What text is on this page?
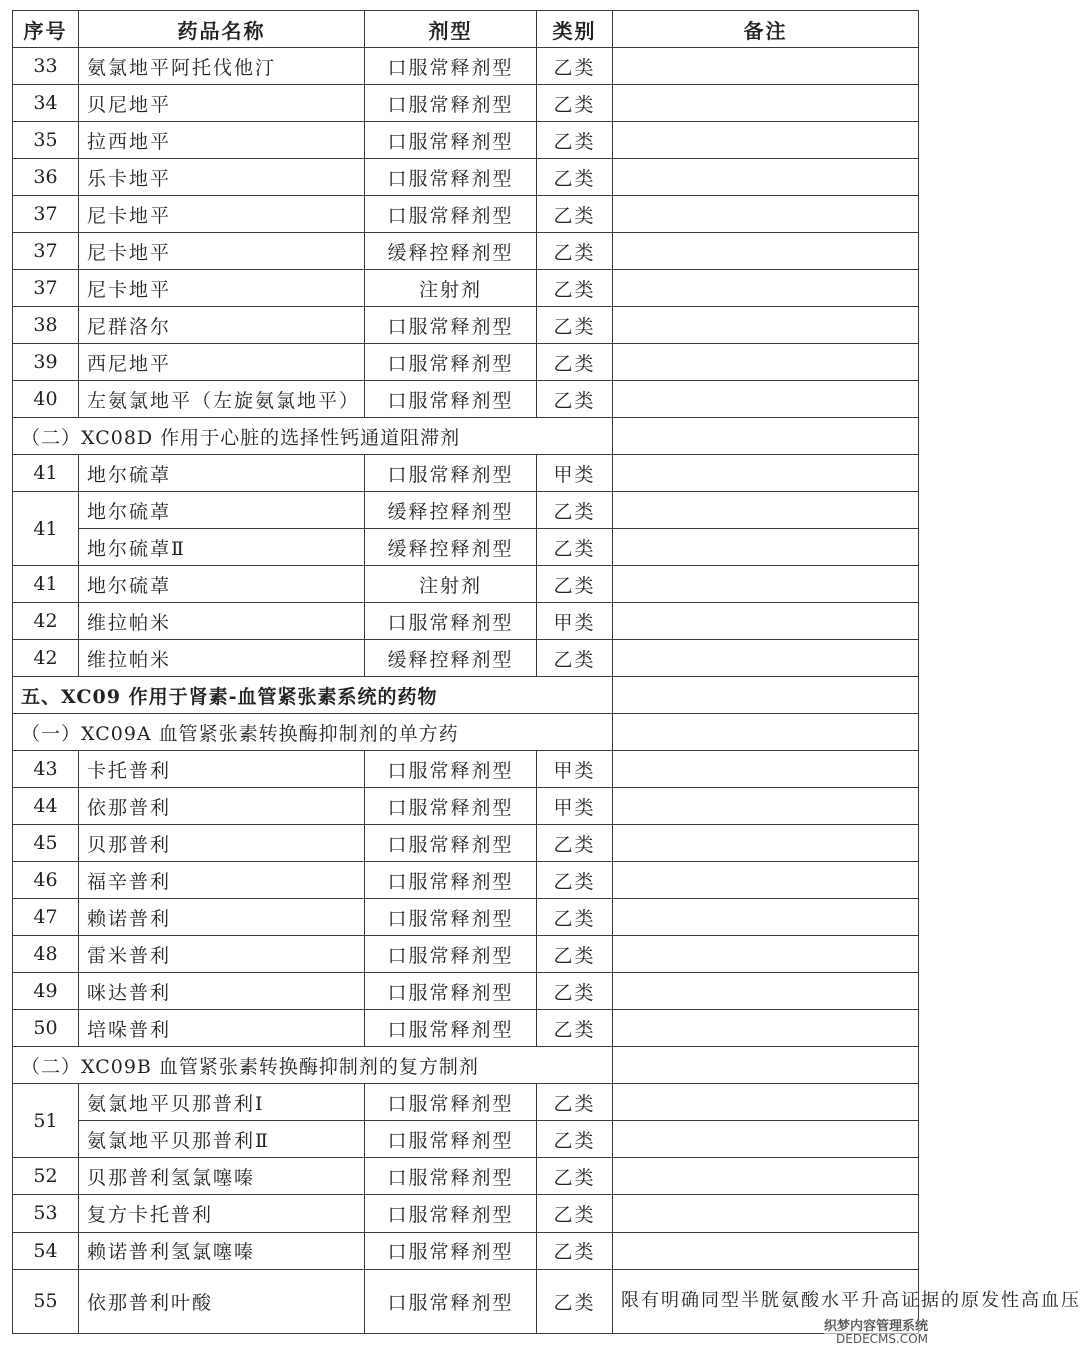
序号	药品名称	剂型	类别	备注
33	氨氯地平阿托伐他汀	口服常释剂型	乙类	
34	贝尼地平	口服常释剂型	乙类	
35	拉西地平	口服常释剂型	乙类	
36	乐卡地平	口服常释剂型	乙类	
37	尼卡地平	口服常释剂型	乙类	
37	尼卡地平	缓释控释剂型	乙类	
37	尼卡地平	注射剂	乙类	
38	尼群洛尔	口服常释剂型	乙类	
39	西尼地平	口服常释剂型	乙类	
40	左氨氯地平（左旋氨氯地平）	口服常释剂型	乙类	
（二）XC08D 作用于心脏的选择性钙通道阻滞剂				
41	地尔硫䓬	口服常释剂型	甲类	
41	地尔硫䓬	缓释控释剂型	乙类	
	地尔硫䓬Ⅱ	缓释控释剂型	乙类	
41	地尔硫䓬	注射剂	乙类	
42	维拉帕米	口服常释剂型	甲类	
42	维拉帕米	缓释控释剂型	乙类	
五、XC09 作用于肾素-血管紧张素系统的药物				
（一）XC09A 血管紧张素转换酶抑制剂的单方药				
43	卡托普利	口服常释剂型	甲类	
44	依那普利	口服常释剂型	甲类	
45	贝那普利	口服常释剂型	乙类	
46	福辛普利	口服常释剂型	乙类	
47	赖诺普利	口服常释剂型	乙类	
48	雷米普利	口服常释剂型	乙类	
49	咪达普利	口服常释剂型	乙类	
50	培哚普利	口服常释剂型	乙类	
（二）XC09B 血管紧张素转换酶抑制剂的复方制剂				
51	氨氯地平贝那普利Ⅰ	口服常释剂型	乙类	
	氨氯地平贝那普利Ⅱ	口服常释剂型	乙类	
52	贝那普利氢氯噻嗪	口服常释剂型	乙类	
53	复方卡托普利	口服常释剂型	乙类	
54	赖诺普利氢氯噻嗪	口服常释剂型	乙类	
55	依那普利叶酸	口服常释剂型	乙类	限有明确同型半胱氨酸水平升高证据的原发性高血压
织梦内容管理系统
DEDECMS.COM
